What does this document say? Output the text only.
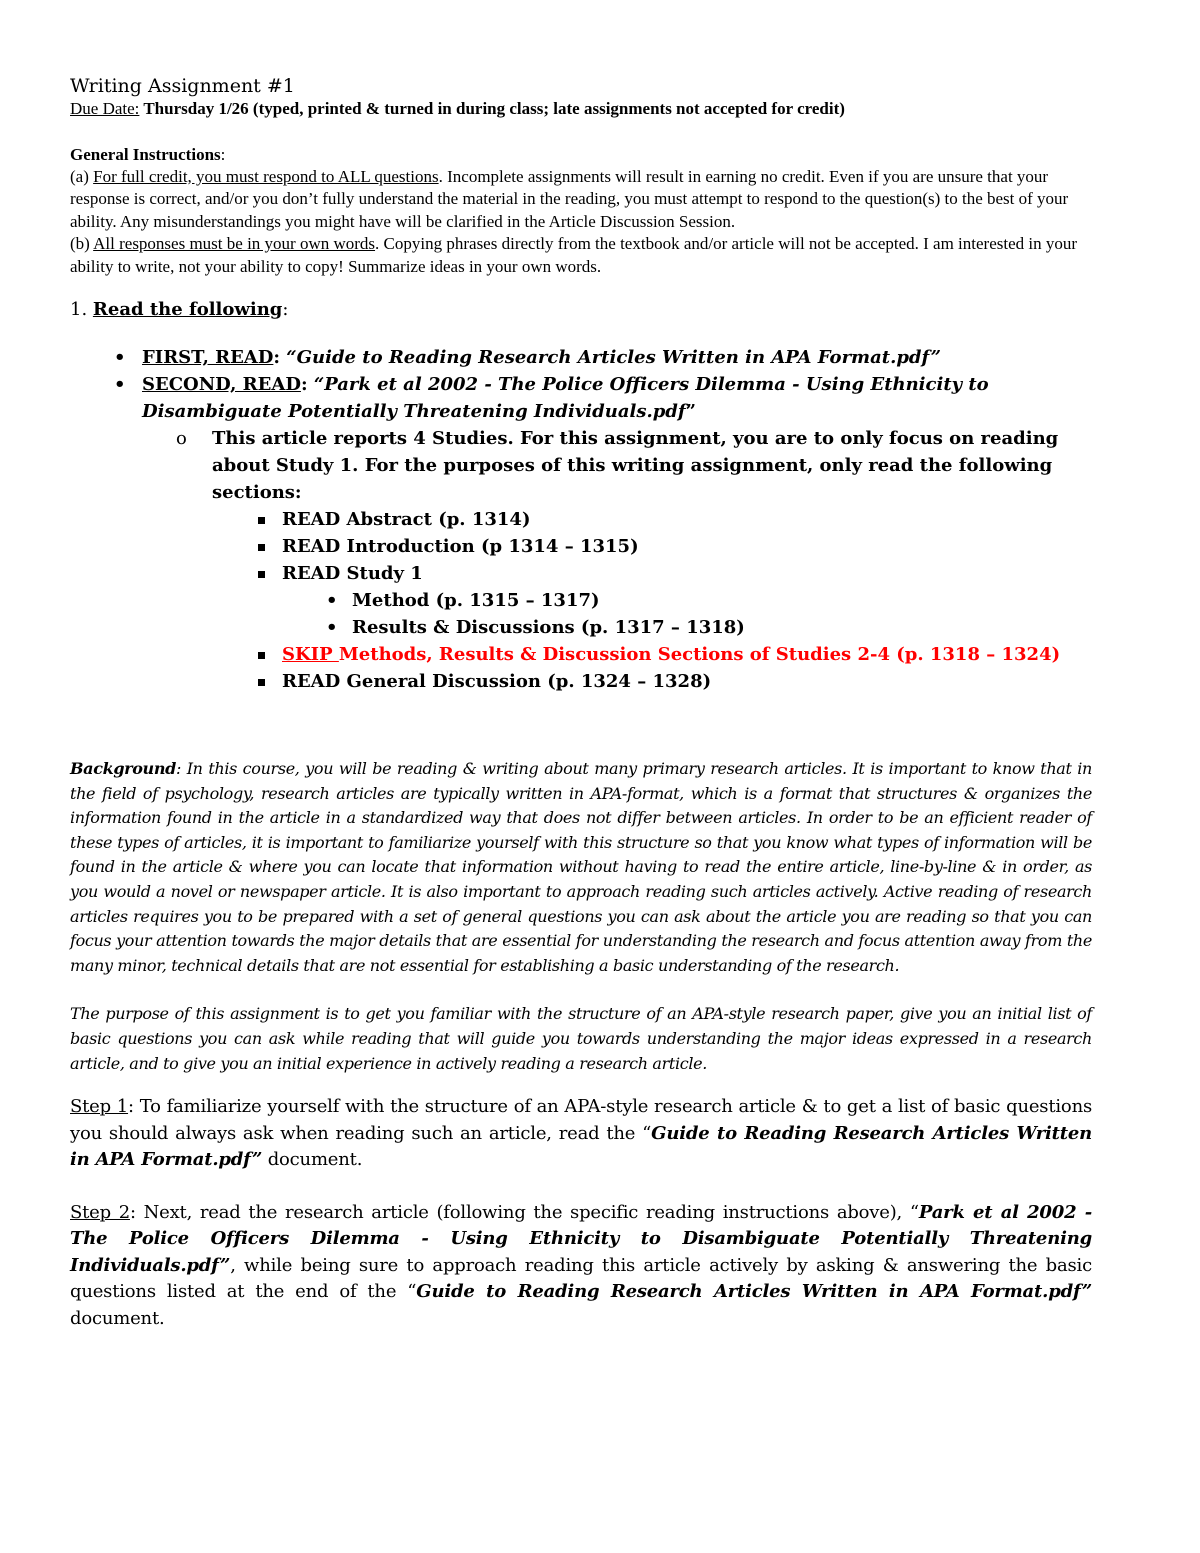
Writing Assignment #1

Due Date: Thursday 1/26 (typed, printed & turned in during class; late assignments not accepted for credit)

General Instructions:

(a) For full credit, you must respond to ALL questions. Incomplete assignments will result in earning no credit. Even if you are unsure that your response is correct, and/or you don’t fully understand the material in the reading, you must attempt to respond to the question(s) to the best of your ability. Any misunderstandings you might have will be clarified in the Article Discussion Session.

(b) All responses must be in your own words. Copying phrases directly from the textbook and/or article will not be accepted. I am interested in your ability to write, not your ability to copy! Summarize ideas in your own words.

1. Read the following:

• FIRST, READ: “Guide to Reading Research Articles Written in APA Format.pdf”
• SECOND, READ: “Park et al 2002 - The Police Officers Dilemma - Using Ethnicity to Disambiguate Potentially Threatening Individuals.pdf”
o This article reports 4 Studies. For this assignment, you are to only focus on reading about Study 1. For the purposes of this writing assignment, only read the following sections:
READ Abstract (p. 1314)
READ Introduction (p 1314 – 1315)
READ Study 1
• Method (p. 1315 – 1317)
• Results & Discussions (p. 1317 – 1318)
SKIP Methods, Results & Discussion Sections of Studies 2-4 (p. 1318 – 1324)
READ General Discussion (p. 1324 – 1328)

Background: In this course, you will be reading & writing about many primary research articles. It is important to know that in the field of psychology, research articles are typically written in APA-format, which is a format that structures & organizes the information found in the article in a standardized way that does not differ between articles. In order to be an efficient reader of these types of articles, it is important to familiarize yourself with this structure so that you know what types of information will be found in the article & where you can locate that information without having to read the entire article, line-by-line & in order, as you would a novel or newspaper article. It is also important to approach reading such articles actively. Active reading of research articles requires you to be prepared with a set of general questions you can ask about the article you are reading so that you can focus your attention towards the major details that are essential for understanding the research and focus attention away from the many minor, technical details that are not essential for establishing a basic understanding of the research.

The purpose of this assignment is to get you familiar with the structure of an APA-style research paper, give you an initial list of basic questions you can ask while reading that will guide you towards understanding the major ideas expressed in a research article, and to give you an initial experience in actively reading a research article.

Step 1: To familiarize yourself with the structure of an APA-style research article & to get a list of basic questions you should always ask when reading such an article, read the “Guide to Reading Research Articles Written in APA Format.pdf” document.

Step 2: Next, read the research article (following the specific reading instructions above), “Park et al 2002 - The Police Officers Dilemma - Using Ethnicity to Disambiguate Potentially Threatening Individuals.pdf”, while being sure to approach reading this article actively by asking & answering the basic questions listed at the end of the “Guide to Reading Research Articles Written in APA Format.pdf” document.
